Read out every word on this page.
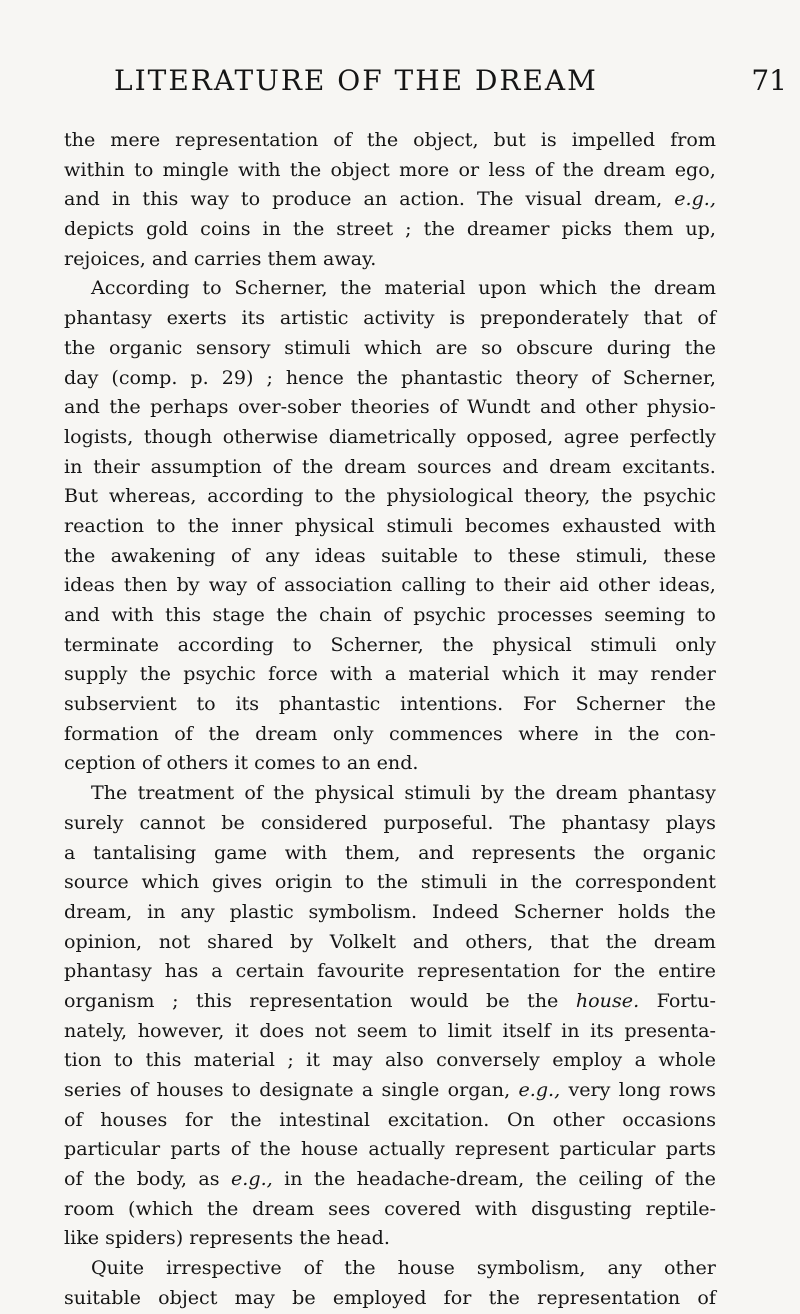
LITERATURE OF THE DREAM	71
the mere representation of the object, but is impelled from
within to mingle with the object more or less of the dream ego,
and in this way to produce an action. The visual dream, e.g.,
depicts gold coins in the street ; the dreamer picks them up,
rejoices, and carries them away.
According to Scherner, the material upon which the dream
phantasy exerts its artistic activity is preponderately that of
the organic sensory stimuli which are so obscure during the
day (comp. p. 29) ; hence the phantastic theory of Scherner,
and the perhaps over-sober theories of Wundt and other physio-
logists, though otherwise diametrically opposed, agree perfectly
in their assumption of the dream sources and dream excitants.
But whereas, according to the physiological theory, the psychic
reaction to the inner physical stimuli becomes exhausted with
the awakening of any ideas suitable to these stimuli, these
ideas then by way of association calling to their aid other ideas,
and with this stage the chain of psychic processes seeming to
terminate according to Scherner, the physical stimuli only
supply the psychic force with a material which it may render
subservient to its phantastic intentions. For Scherner the
formation of the dream only commences where in the con-
ception of others it comes to an end.
The treatment of the physical stimuli by the dream phantasy
surely cannot be considered purposeful. The phantasy plays
a tantalising game with them, and represents the organic
source which gives origin to the stimuli in the correspondent
dream, in any plastic symbolism. Indeed Scherner holds the
opinion, not shared by Volkelt and others, that the dream
phantasy has a certain favourite representation for the entire
organism ; this representation would be the house. Fortu-
nately, however, it does not seem to limit itself in its presenta-
tion to this material ; it may also conversely employ a whole
series of houses to designate a single organ, e.g., very long rows
of houses for the intestinal excitation. On other occasions
particular parts of the house actually represent particular parts
of the body, as e.g., in the headache-dream, the ceiling of the
room (which the dream sees covered with disgusting reptile-
like spiders) represents the head.
Quite irrespective of the house symbolism, any other
suitable object may be employed for the representation of
